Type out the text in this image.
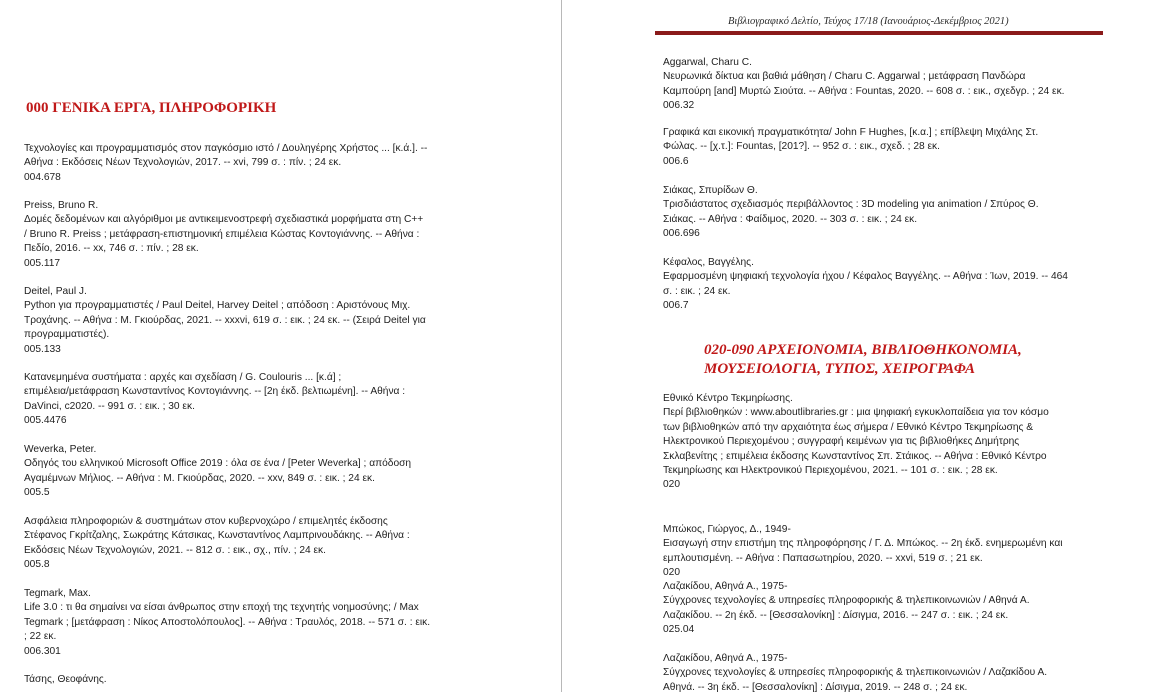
000 ΓΕΝΙΚΑ ΕΡΓΑ, ΠΛΗΡΟΦΟΡΙΚΗ
Τεχνολογίες και προγραμματισμός στον παγκόσμιο ιστό / Δουληγέρης Χρήστος ... [κ.ά.]. --
Αθήνα : Εκδόσεις Νέων Τεχνολογιών, 2017. -- xvi, 799 σ. : πίν. ; 24 εκ.
004.678
Preiss, Bruno R.
Δομές δεδομένων και αλγόριθμοι με αντικειμενοστρεφή σχεδιαστικά μορφήματα στη C++
/ Bruno R. Preiss ; μετάφραση-επιστημονική επιμέλεια Κώστας Κοντογιάννης. -- Αθήνα :
Πεδίο, 2016. -- xx, 746 σ. : πίν. ; 28 εκ.
005.117
Deitel, Paul J.
Python για προγραμματιστές / Paul Deitel, Harvey Deitel ; απόδοση : Αριστόνους Μιχ.
Τροχάνης. -- Αθήνα : Μ. Γκιούρδας, 2021. -- xxxvi, 619 σ. : εικ. ; 24 εκ. -- (Σειρά Deitel για
προγραμματιστές).
005.133
Κατανεμημένα συστήματα : αρχές και σχεδίαση / G. Coulouris ... [κ.ά] ;
επιμέλεια/μετάφραση Κωνσταντίνος Κοντογιάννης. -- [2η έκδ. βελτιωμένη]. -- Αθήνα :
DaVinci, c2020. -- 991 σ. : εικ. ; 30 εκ.
005.4476
Weverka, Peter.
Οδηγός του ελληνικού Microsoft Office 2019 : όλα σε ένα / [Peter Weverka] ; απόδοση
Αγαμέμνων Μήλιος. -- Αθήνα : Μ. Γκιούρδας, 2020. -- xxv, 849 σ. : εικ. ; 24 εκ.
005.5
Ασφάλεια πληροφοριών & συστημάτων στον κυβερνοχώρο / επιμελητές έκδοσης
Στέφανος Γκρίτζαλης, Σωκράτης Κάτσικας, Κωνσταντίνος Λαμπρινουδάκης. -- Αθήνα :
Εκδόσεις Νέων Τεχνολογιών, 2021. -- 812 σ. : εικ., σχ., πίν. ; 24 εκ.
005.8
Tegmark, Max.
Life 3.0 : τι θα σημαίνει να είσαι άνθρωπος στην εποχή της τεχνητής νοημοσύνης; / Max
Tegmark ; [μετάφραση : Νίκος Αποστολόπουλος]. -- Αθήνα : Τραυλός, 2018. -- 571 σ. : εικ.
; 22 εκ.
006.301
Τάσης, Θεοφάνης.
Βιβλιογραφικό Δελτίο, Τεύχος 17/18 (Ιανουάριος-Δεκέμβριος 2021)
Aggarwal, Charu C.
Νευρωνικά δίκτυα και βαθιά μάθηση / Charu C. Aggarwal ; μετάφραση Πανδώρα
Καμπούρη [and] Μυρτώ Σιούτα. -- Αθήνα : Fountas, 2020. -- 608 σ. : εικ., σχεδγρ. ; 24 εκ.
006.32
Γραφικά και εικονική πραγματικότητα/ John F Hughes, [κ.α.] ; επίβλεψη Μιχάλης Στ.
Φώλας. -- [χ.τ.]: Fountas, [201?]. -- 952 σ. : εικ., σχεδ. ; 28 εκ.
006.6
Σιάκας, Σπυρίδων Θ.
Τρισδιάστατος σχεδιασμός περιβάλλοντος : 3D modeling για animation / Σπύρος Θ.
Σιάκας. -- Αθήνα : Φαίδιμος, 2020. -- 303 σ. : εικ. ; 24 εκ.
006.696
Κέφαλος, Βαγγέλης.
Εφαρμοσμένη ψηφιακή τεχνολογία ήχου / Κέφαλος Βαγγέλης. -- Αθήνα : Ίων, 2019. -- 464
σ. : εικ. ; 24 εκ.
006.7
020-090 ΑΡΧΕΙΟΝΟΜΙΑ, ΒΙΒΛΙΟΘΗΚΟΝΟΜΙΑ,
ΜΟΥΣΕΙΟΛΟΓΙΑ, ΤΥΠΟΣ, ΧΕΙΡΟΓΡΑΦΑ
Εθνικό Κέντρο Τεκμηρίωσης.
Περί βιβλιοθηκών : www.aboutlibraries.gr : μια ψηφιακή εγκυκλοπαίδεια για τον κόσμο
των βιβλιοθηκών από την αρχαιότητα έως σήμερα / Εθνικό Κέντρο Τεκμηρίωσης &
Ηλεκτρονικού Περιεχομένου ; συγγραφή κειμένων για τις βιβλιοθήκες Δημήτρης
Σκλαβενίτης ; επιμέλεια έκδοσης Κωνσταντίνος Σπ. Στάικος. -- Αθήνα : Εθνικό Κέντρο
Τεκμηρίωσης και Ηλεκτρονικού Περιεχομένου, 2021. -- 101 σ. : εικ. ; 28 εκ.
020
Μπώκος, Γιώργος, Δ., 1949-
Εισαγωγή στην επιστήμη της πληροφόρησης / Γ. Δ. Μπώκος. -- 2η έκδ. ενημερωμένη και
εμπλουτισμένη. -- Αθήνα : Παπασωτηρίου, 2020. -- xxvi, 519 σ. ; 21 εκ.
020
Λαζακίδου, Αθηνά Α., 1975-
Σύγχρονες τεχνολογίες & υπηρεσίες πληροφορικής & τηλεπικοινωνιών / Αθηνά Α.
Λαζακίδου. -- 2η έκδ. -- [Θεσσαλονίκη] : Δίσιγμα, 2016. -- 247 σ. : εικ. ; 24 εκ.
025.04
Λαζακίδου, Αθηνά Α., 1975-
Σύγχρονες τεχνολογίες & υπηρεσίες πληροφορικής & τηλεπικοινωνιών / Λαζακίδου Α.
Αθηνά. -- 3η έκδ. -- [Θεσσαλονίκη] : Δίσιγμα, 2019. -- 248 σ. ; 24 εκ.
